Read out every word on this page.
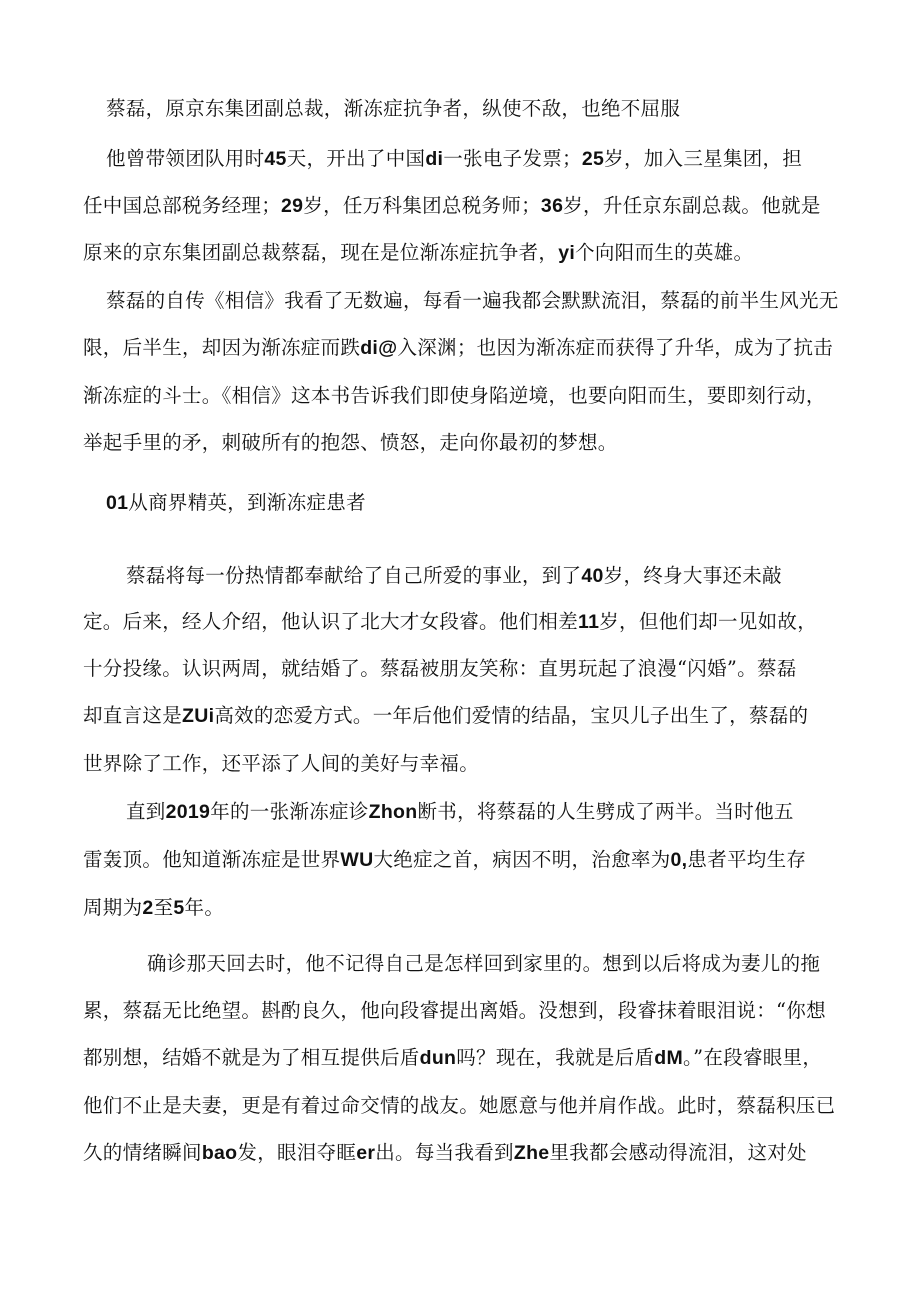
蔡磊，原京东集团副总裁，渐冻症抗争者，纵使不敌，也绝不屈服
他曾带领团队用时45天，开出了中国di一张电子发票；25岁，加入三星集团，担
任中国总部税务经理；29岁，任万科集团总税务师；36岁，升任京东副总裁。他就是
原来的京东集团副总裁蔡磊，现在是位渐冻症抗争者，yi个向阳而生的英雄。
蔡磊的自传《相信》我看了无数遍，每看一遍我都会默默流泪，蔡磊的前半生风光无
限，后半生，却因为渐冻症而跌di@入深渊；也因为渐冻症而获得了升华，成为了抗击
渐冻症的斗士。《相信》这本书告诉我们即使身陷逆境，也要向阳而生，要即刻行动，
举起手里的矛，刺破所有的抱怨、愤怒，走向你最初的梦想。
01从商界精英，到渐冻症患者
蔡磊将每一份热情都奉献给了自己所爱的事业，到了40岁，终身大事还未敲
定。后来，经人介绍，他认识了北大才女段睿。他们相差11岁，但他们却一见如故，
十分投缘。认识两周，就结婚了。蔡磊被朋友笑称：直男玩起了浪漫“闪婚”。蔡磊
却直言这是ZUi高效的恋爱方式。一年后他们爱情的结晶，宝贝儿子出生了，蔡磊的
世界除了工作，还平添了人间的美好与幸福。
直到2019年的一张渐冻症诊Zhon断书，将蔡磊的人生劈成了两半。当时他五
雷轰顶。他知道渐冻症是世界WU大绝症之首，病因不明，治愈率为0,患者平均生存
周期为2至5年。
确诊那天回去时，他不记得自己是怎样回到家里的。想到以后将成为妻儿的拖
累，蔡磊无比绝望。斟酌良久，他向段睿提出离婚。没想到，段睿抹着眼泪说：“你想
都别想，结婚不就是为了相互提供后盾dun吗？现在，我就是后盾dM。”在段睿眼里，
他们不止是夫妻，更是有着过命交情的战友。她愿意与他并肩作战。此时，蔡磊积压已
久的情绪瞬间bao发，眼泪夺眶er出。每当我看到Zhe里我都会感动得流泪，这对处
